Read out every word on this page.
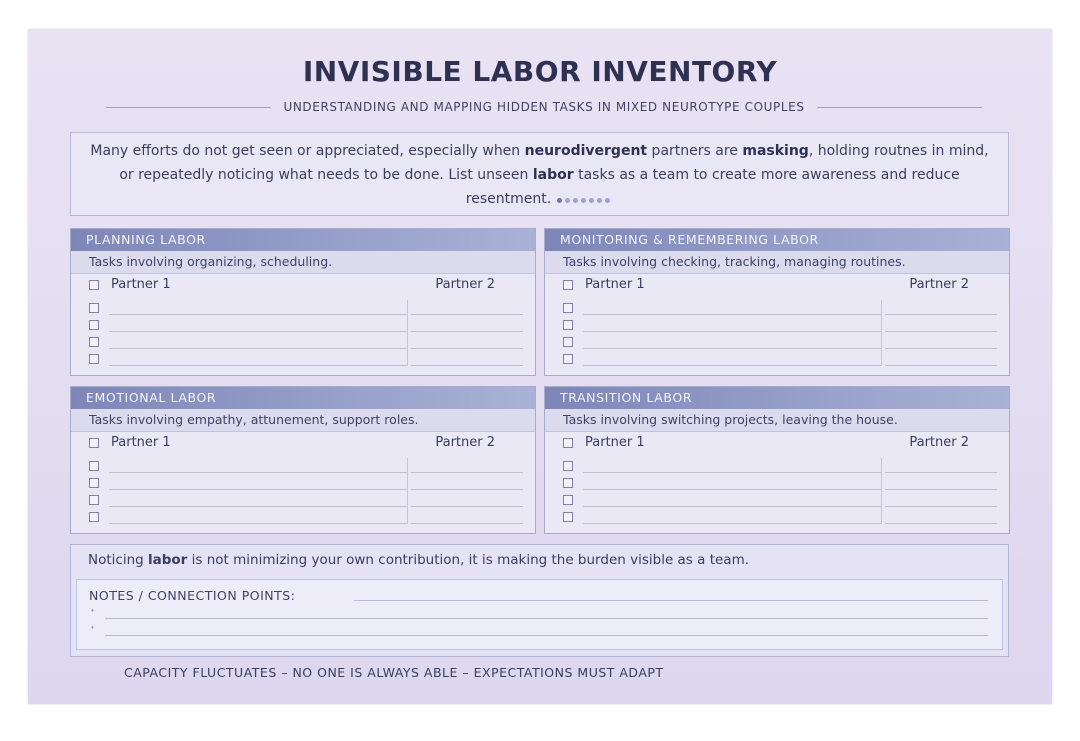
INVISIBLE LABOR INVENTORY
UNDERSTANDING AND MAPPING HIDDEN TASKS IN MIXED NEUROTYPE COUPLES
Many efforts do not get seen or appreciated, especially when neurodivergent partners are masking, holding routnes in mind, or repeatedly noticing what needs to be done. List unseen labor tasks as a team to create more awareness and reduce resentment.
PLANNING LABOR
Tasks involving organizing, scheduling.
Partner 1	Partner 2
MONITORING & REMEMBERING LABOR
Tasks involving checking, tracking, managing routines.
Partner 1	Partner 2
EMOTIONAL LABOR
Tasks involving empathy, attunement, support roles.
Partner 1	Partner 2
TRANSITION LABOR
Tasks involving switching projects, leaving the house.
Partner 1	Partner 2
Noticing labor is not minimizing your own contribution, it is making the burden visible as a team.
NOTES / CONNECTION POINTS:
•
•
CAPACITY FLUCTUATES – NO ONE IS ALWAYS ABLE – EXPECTATIONS MUST ADAPT
